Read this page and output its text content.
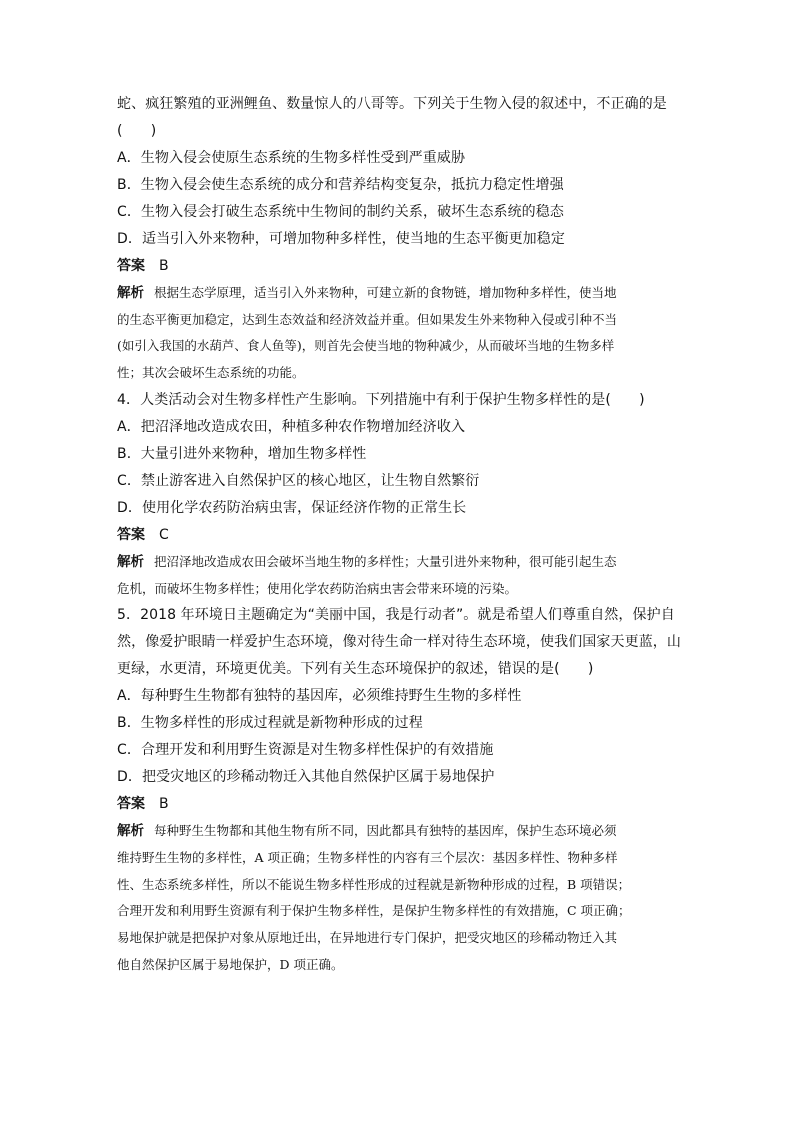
蛇、疯狂繁殖的亚洲鲤鱼、数量惊人的八哥等。下列关于生物入侵的叙述中，不正确的是
(　　)
A．生物入侵会使原生态系统的生物多样性受到严重威胁
B．生物入侵会使生态系统的成分和营养结构变复杂，抵抗力稳定性增强
C．生物入侵会打破生态系统中生物间的制约关系，破坏生态系统的稳态
D．适当引入外来物种，可增加物种多样性，使当地的生态平衡更加稳定
答案 B
解析 根据生态学原理，适当引入外来物种，可建立新的食物链，增加物种多样性，使当地
的生态平衡更加稳定，达到生态效益和经济效益并重。但如果发生外来物种入侵或引种不当
(如引入我国的水葫芦、食人鱼等)，则首先会使当地的物种减少，从而破坏当地的生物多样
性；其次会破坏生态系统的功能。
4．人类活动会对生物多样性产生影响。下列措施中有利于保护生物多样性的是(　　)
A．把沼泽地改造成农田，种植多种农作物增加经济收入
B．大量引进外来物种，增加生物多样性
C．禁止游客进入自然保护区的核心地区，让生物自然繁衍
D．使用化学农药防治病虫害，保证经济作物的正常生长
答案 C
解析 把沼泽地改造成农田会破坏当地生物的多样性；大量引进外来物种，很可能引起生态
危机，而破坏生物多样性；使用化学农药防治病虫害会带来环境的污染。
5．2018 年环境日主题确定为“美丽中国，我是行动者”。就是希望人们尊重自然，保护自
然，像爱护眼睛一样爱护生态环境，像对待生命一样对待生态环境，使我们国家天更蓝，山
更绿，水更清，环境更优美。下列有关生态环境保护的叙述，错误的是(　　)
A．每种野生生物都有独特的基因库，必须维持野生生物的多样性
B．生物多样性的形成过程就是新物种形成的过程
C．合理开发和利用野生资源是对生物多样性保护的有效措施
D．把受灾地区的珍稀动物迁入其他自然保护区属于易地保护
答案 B
解析 每种野生生物都和其他生物有所不同，因此都具有独特的基因库，保护生态环境必须
维持野生生物的多样性，A 项正确；生物多样性的内容有三个层次：基因多样性、物种多样
性、生态系统多样性，所以不能说生物多样性形成的过程就是新物种形成的过程，B 项错误；
合理开发和利用野生资源有利于保护生物多样性，是保护生物多样性的有效措施，C 项正确；
易地保护就是把保护对象从原地迁出，在异地进行专门保护，把受灾地区的珍稀动物迁入其
他自然保护区属于易地保护，D 项正确。
